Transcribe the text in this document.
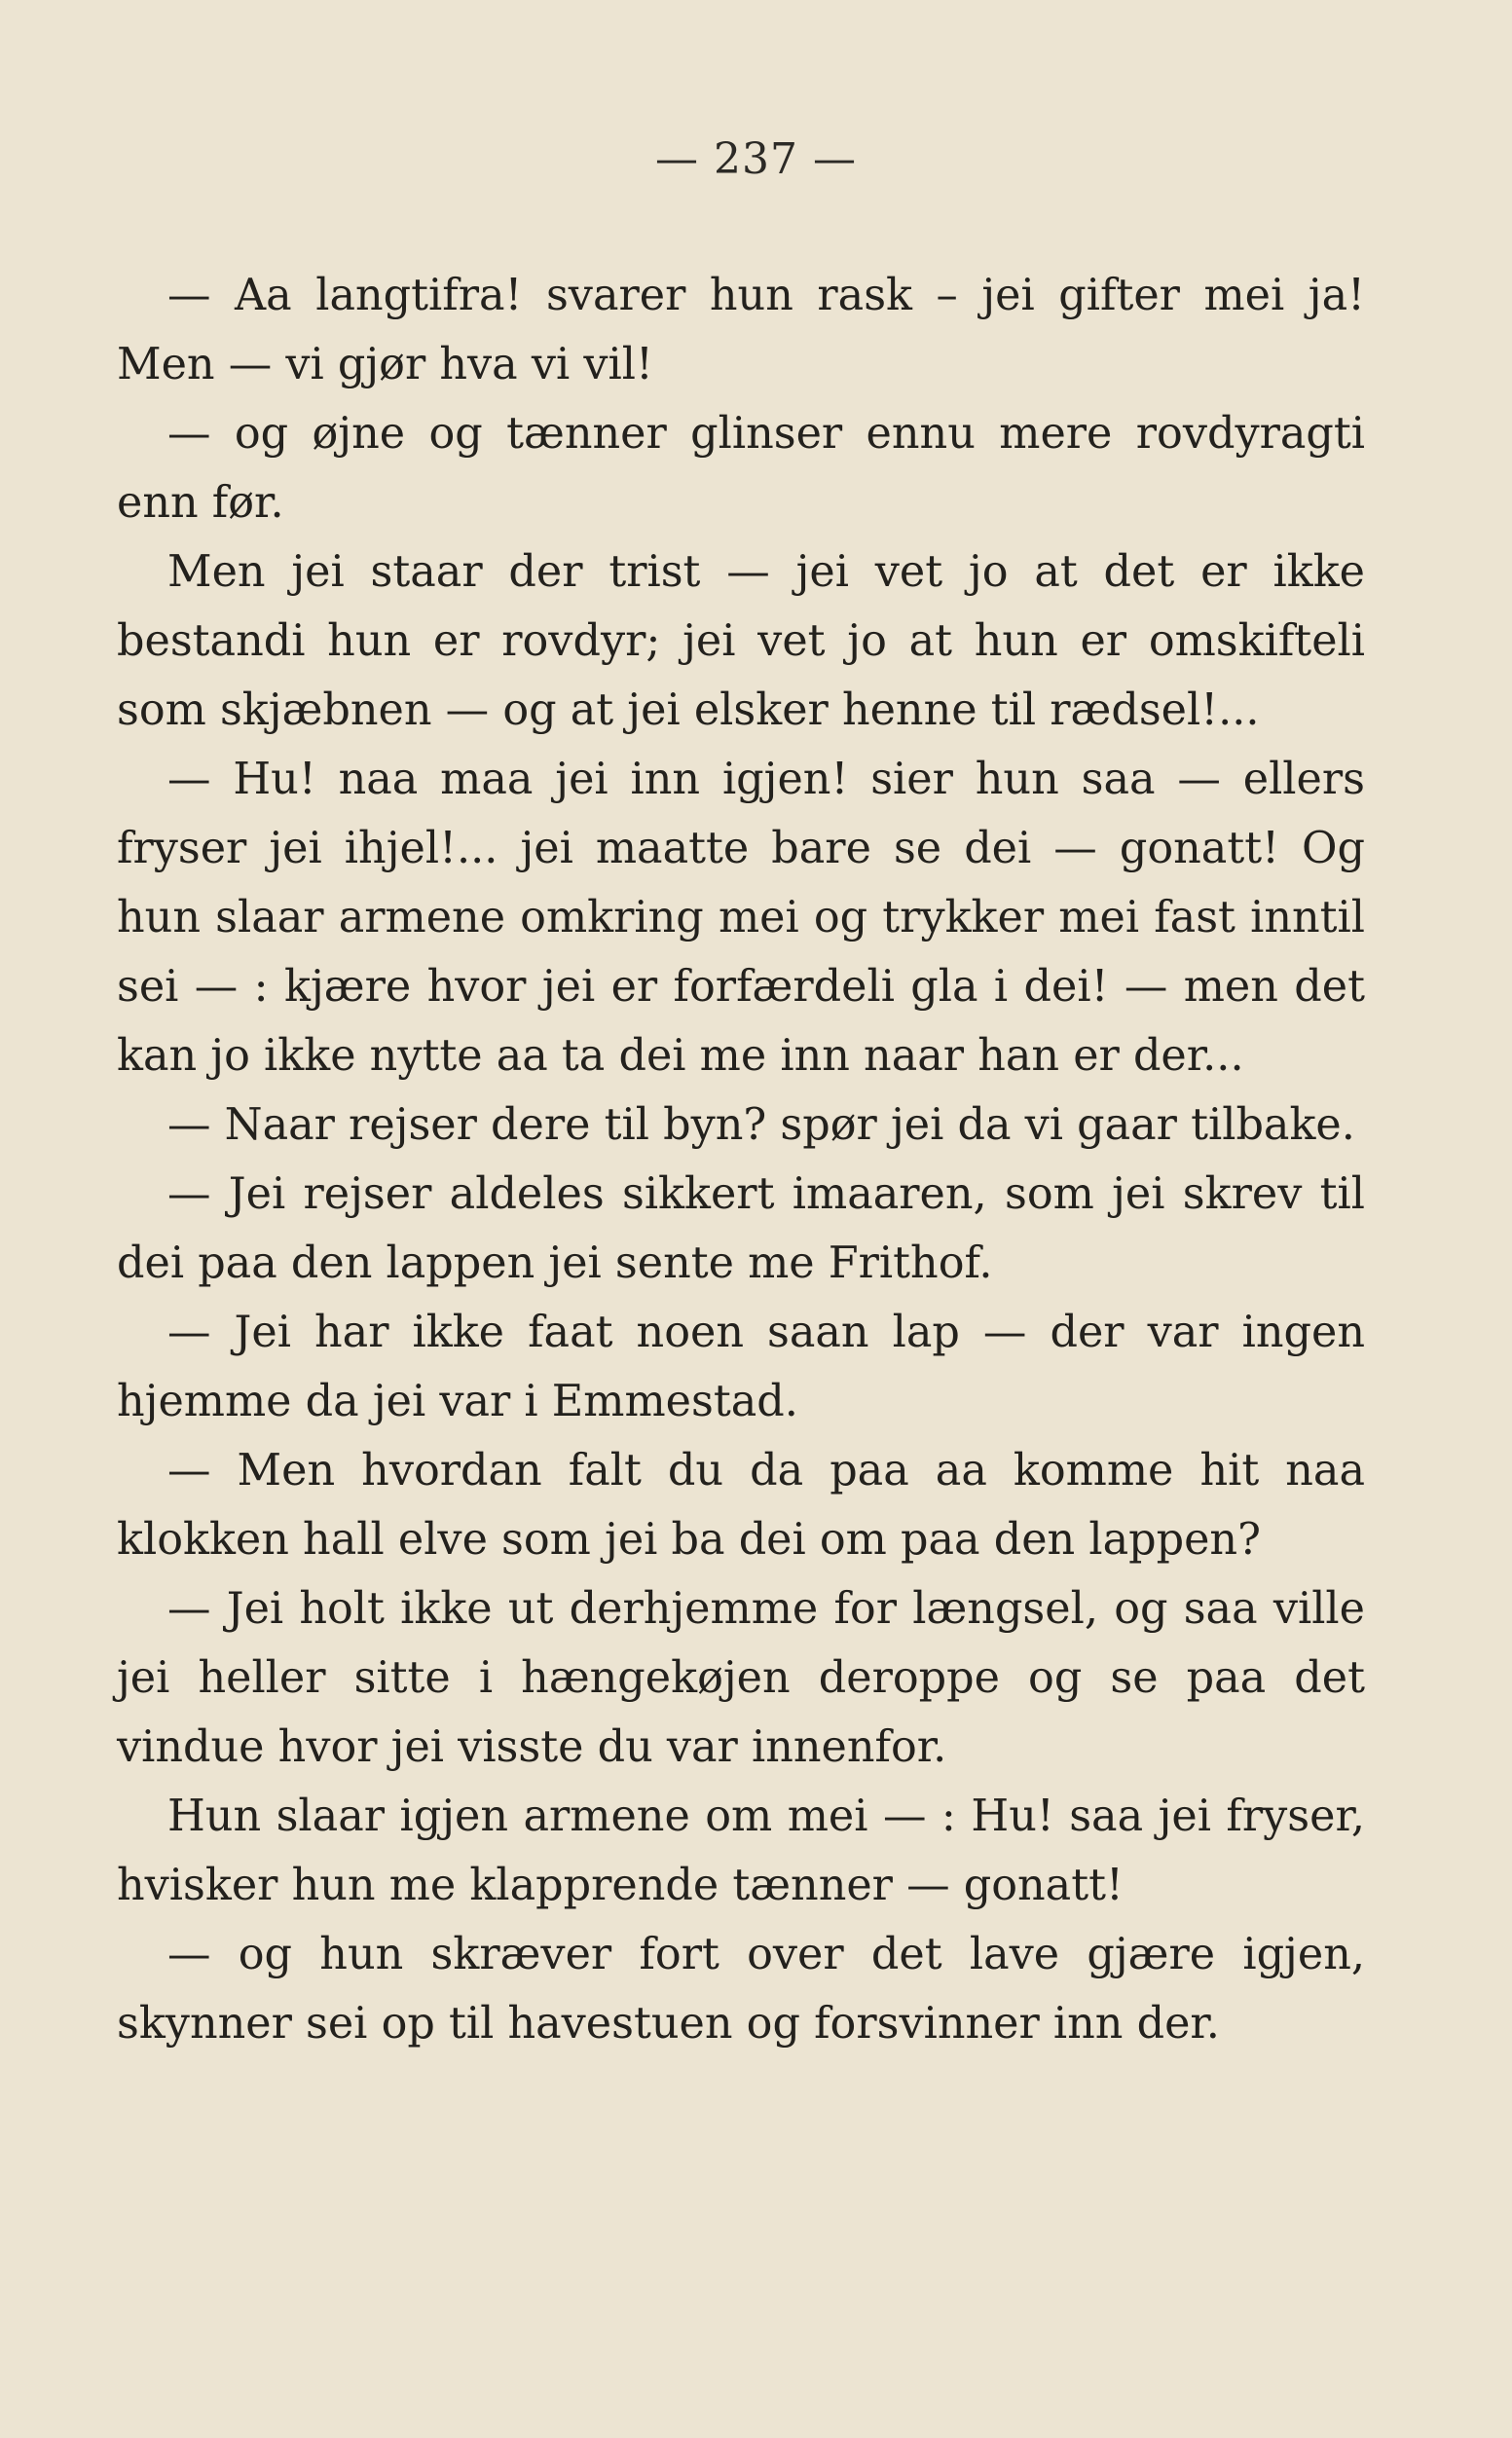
— 237 —

— Aa langtifra! svarer hun rask – jei gifter mei ja! Men — vi gjør hva vi vil!

— og øjne og tænner glinser ennu mere rovdyragti enn før.

Men jei staar der trist — jei vet jo at det er ikke bestandi hun er rovdyr; jei vet jo at hun er omskifteli som skjæbnen — og at jei elsker henne til rædsel!...

— Hu! naa maa jei inn igjen! sier hun saa — ellers fryser jei ihjel!... jei maatte bare se dei — gonatt! Og hun slaar armene omkring mei og trykker mei fast inntil sei — : kjære hvor jei er forfærdeli gla i dei! — men det kan jo ikke nytte aa ta dei me inn naar han er der...

— Naar rejser dere til byn? spør jei da vi gaar tilbake.

— Jei rejser aldeles sikkert imaaren, som jei skrev til dei paa den lappen jei sente me Frithof.

— Jei har ikke faat noen saan lap — der var ingen hjemme da jei var i Emmestad.

— Men hvordan falt du da paa aa komme hit naa klokken hall elve som jei ba dei om paa den lappen?

— Jei holt ikke ut derhjemme for længsel, og saa ville jei heller sitte i hængekøjen deroppe og se paa det vindue hvor jei visste du var innenfor.

Hun slaar igjen armene om mei — : Hu! saa jei fryser, hvisker hun me klapprende tænner — gonatt!

— og hun skræver fort over det lave gjære igjen, skynner sei op til havestuen og forsvinner inn der.
